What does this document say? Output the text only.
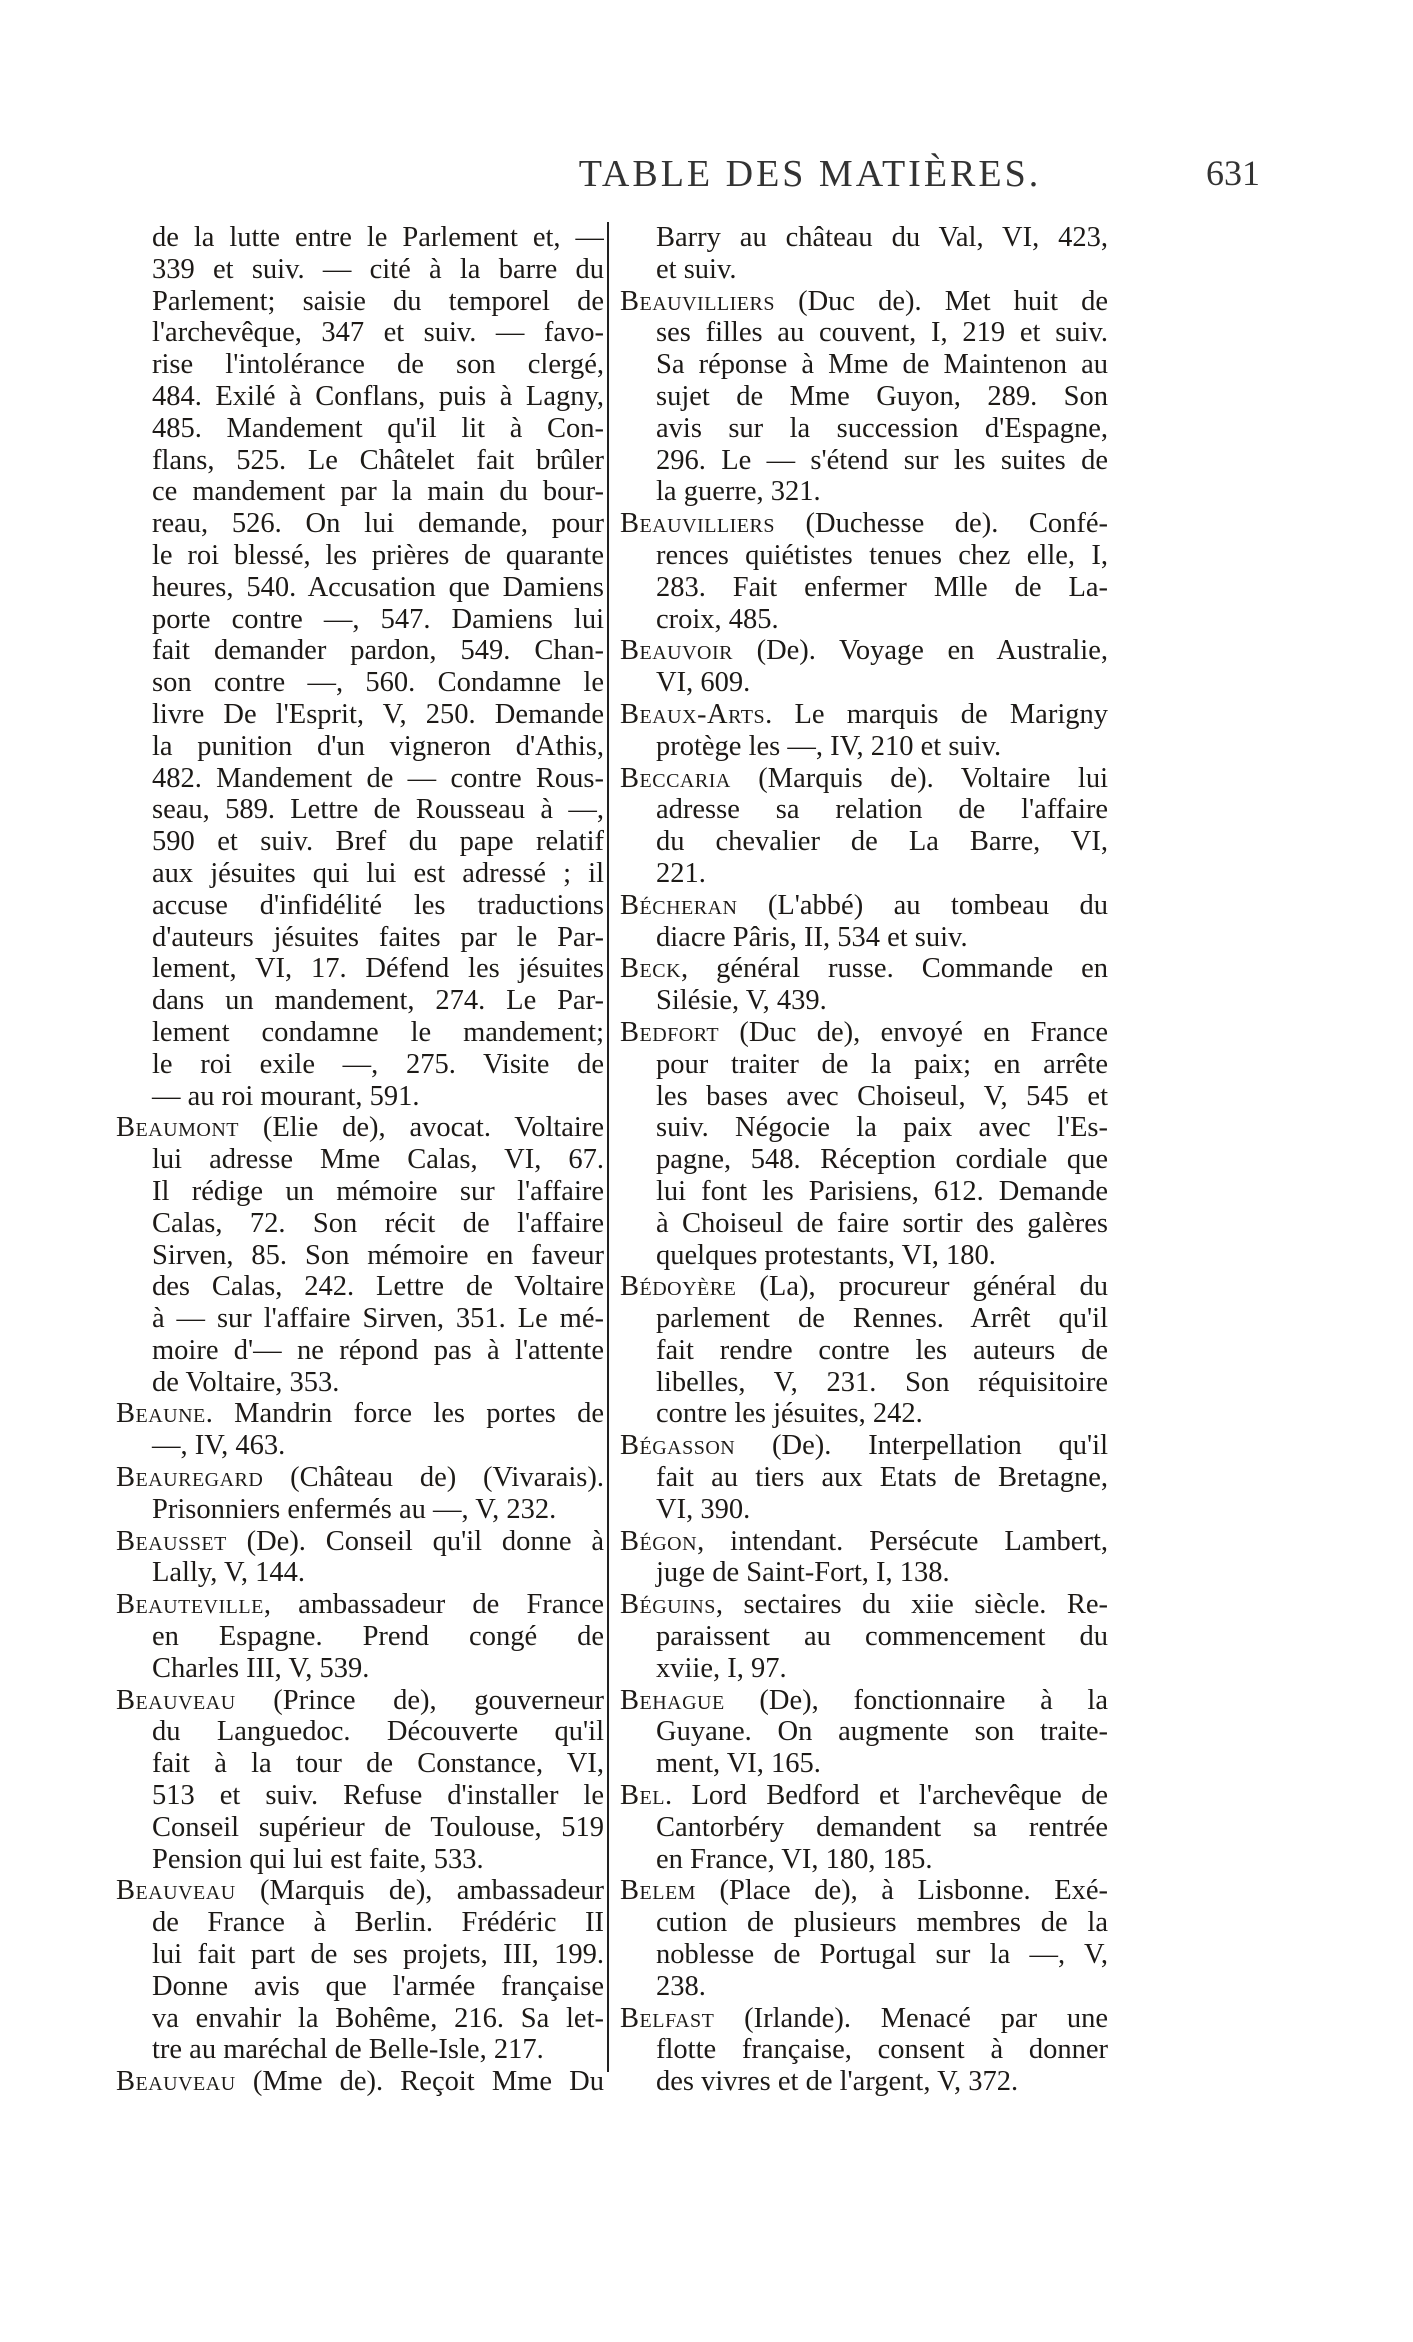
TABLE DES MATIÈRES.	631
de la lutte entre le Parlement et, —
339 et suiv. — cité à la barre du
Parlement; saisie du temporel de
l'archevêque, 347 et suiv. — favo-
rise l'intolérance de son clergé,
484. Exilé à Conflans, puis à Lagny,
485. Mandement qu'il lit à Con-
flans, 525. Le Châtelet fait brûler
ce mandement par la main du bour-
reau, 526. On lui demande, pour
le roi blessé, les prières de quarante
heures, 540. Accusation que Damiens
porte contre —, 547. Damiens lui
fait demander pardon, 549. Chan-
son contre —, 560. Condamne le
livre De l'Esprit, V, 250. Demande
la punition d'un vigneron d'Athis,
482. Mandement de — contre Rous-
seau, 589. Lettre de Rousseau à —,
590 et suiv. Bref du pape relatif
aux jésuites qui lui est adressé ; il
accuse d'infidélité les traductions
d'auteurs jésuites faites par le Par-
lement, VI, 17. Défend les jésuites
dans un mandement, 274. Le Par-
lement condamne le mandement;
le roi exile —, 275. Visite de
— au roi mourant, 591.
Beaumont (Elie de), avocat. Voltaire
lui adresse Mme Calas, VI, 67.
Il rédige un mémoire sur l'affaire
Calas, 72. Son récit de l'affaire
Sirven, 85. Son mémoire en faveur
des Calas, 242. Lettre de Voltaire
à — sur l'affaire Sirven, 351. Le mé-
moire d'— ne répond pas à l'attente
de Voltaire, 353.
Beaune. Mandrin force les portes de
—, IV, 463.
Beauregard (Château de) (Vivarais).
Prisonniers enfermés au —, V, 232.
Beausset (De). Conseil qu'il donne à
Lally, V, 144.
Beauteville, ambassadeur de France
en Espagne. Prend congé de
Charles III, V, 539.
Beauveau (Prince de), gouverneur
du Languedoc. Découverte qu'il
fait à la tour de Constance, VI,
513 et suiv. Refuse d'installer le
Conseil supérieur de Toulouse, 519
Pension qui lui est faite, 533.
Beauveau (Marquis de), ambassadeur
de France à Berlin. Frédéric II
lui fait part de ses projets, III, 199.
Donne avis que l'armée française
va envahir la Bohême, 216. Sa let-
tre au maréchal de Belle-Isle, 217.
Beauveau (Mme de). Reçoit Mme Du
Barry au château du Val, VI, 423,
et suiv.
Beauvilliers (Duc de). Met huit de
ses filles au couvent, I, 219 et suiv.
Sa réponse à Mme de Maintenon au
sujet de Mme Guyon, 289. Son
avis sur la succession d'Espagne,
296. Le — s'étend sur les suites de
la guerre, 321.
Beauvilliers (Duchesse de). Confé-
rences quiétistes tenues chez elle, I,
283. Fait enfermer Mlle de La-
croix, 485.
Beauvoir (De). Voyage en Australie,
VI, 609.
Beaux-Arts. Le marquis de Marigny
protège les —, IV, 210 et suiv.
Beccaria (Marquis de). Voltaire lui
adresse sa relation de l'affaire
du chevalier de La Barre, VI,
221.
Bécheran (L'abbé) au tombeau du
diacre Pâris, II, 534 et suiv.
Beck, général russe. Commande en
Silésie, V, 439.
Bedfort (Duc de), envoyé en France
pour traiter de la paix; en arrête
les bases avec Choiseul, V, 545 et
suiv. Négocie la paix avec l'Es-
pagne, 548. Réception cordiale que
lui font les Parisiens, 612. Demande
à Choiseul de faire sortir des galères
quelques protestants, VI, 180.
Bédoyère (La), procureur général du
parlement de Rennes. Arrêt qu'il
fait rendre contre les auteurs de
libelles, V, 231. Son réquisitoire
contre les jésuites, 242.
Bégasson (De). Interpellation qu'il
fait au tiers aux Etats de Bretagne,
VI, 390.
Bégon, intendant. Persécute Lambert,
juge de Saint-Fort, I, 138.
Béguins, sectaires du xiie siècle. Re-
paraissent au commencement du
xviie, I, 97.
Behague (De), fonctionnaire à la
Guyane. On augmente son traite-
ment, VI, 165.
Bel. Lord Bedford et l'archevêque de
Cantorbéry demandent sa rentrée
en France, VI, 180, 185.
Belem (Place de), à Lisbonne. Exé-
cution de plusieurs membres de la
noblesse de Portugal sur la —, V,
238.
Belfast (Irlande). Menacé par une
flotte française, consent à donner
des vivres et de l'argent, V, 372.
